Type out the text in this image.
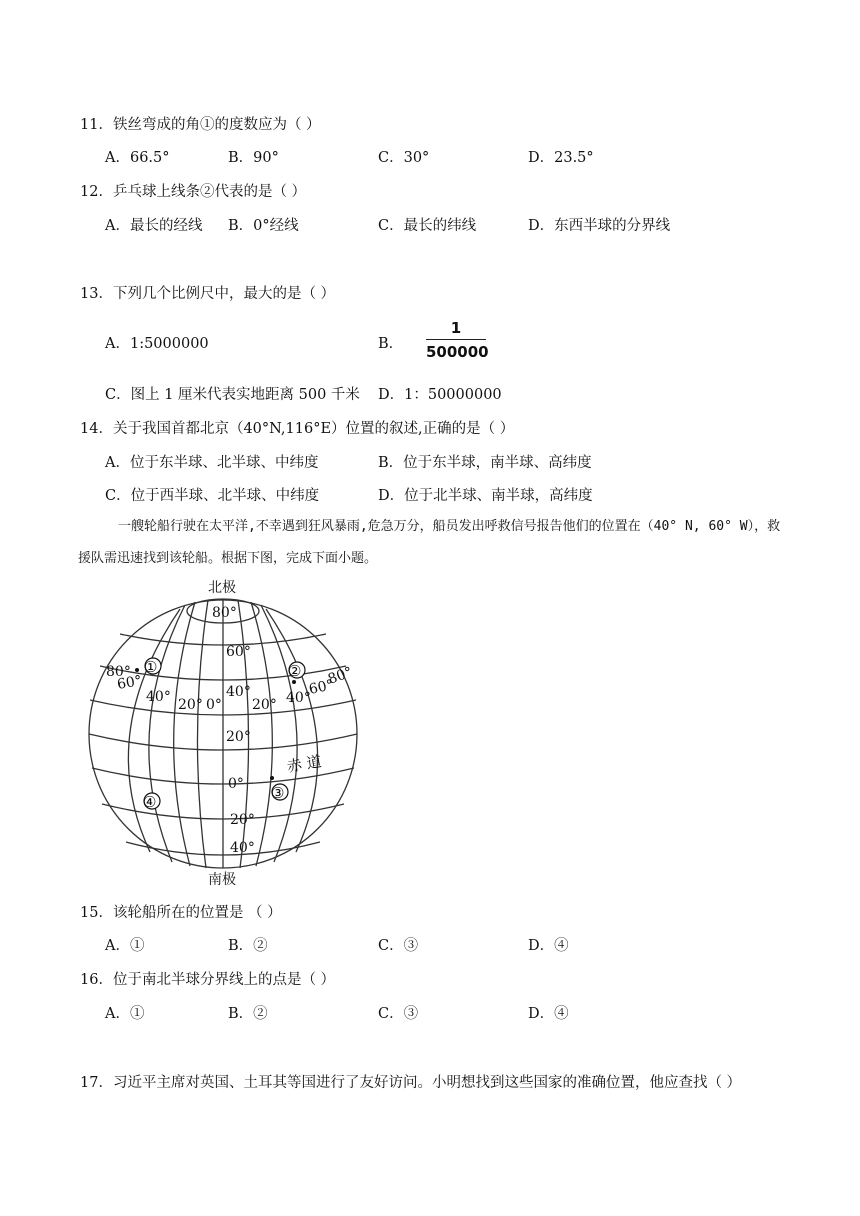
11．铁丝弯成的角①的度数应为（ ）
A．66.5°	B．90°	C．30°	D．23.5°
12．乒乓球上线条②代表的是（ ）
A．最长的经线 B．0°经线	C．最长的纬线	D．东西半球的分界线
13．下列几个比例尺中，最大的是（ ）
A．1:5000000	B．
1
500000
C．图上 1 厘米代表实地距离 500 千米 D．1：50000000
14．关于我国首都北京（40°N,116°E）位置的叙述,正确的是（ ）
A．位于东半球、北半球、中纬度	B．位于东半球，南半球、高纬度
C．位于西半球、北半球、中纬度	D．位于北半球、南半球，高纬度
一艘轮船行驶在太平洋,不幸遇到狂风暴雨,危急万分，船员发出呼救信号报告他们的位置在（40° N, 60° W），救援队需迅速找到该轮船。根据下图，完成下面小题。
北极
南极
80°
60°
40°
20°
0°
20°
40°
80°
60°
40° 20° 0° 20° 40°
60°
80°
赤 道
①	②
③
④
15．该轮船所在的位置是 （ ）
A．①	B．②	C．③	D．④
16．位于南北半球分界线上的点是（ ）
A．①	B．②	C．③	D．④
17．习近平主席对英国、土耳其等国进行了友好访问。小明想找到这些国家的准确位置，他应查找（ ）
